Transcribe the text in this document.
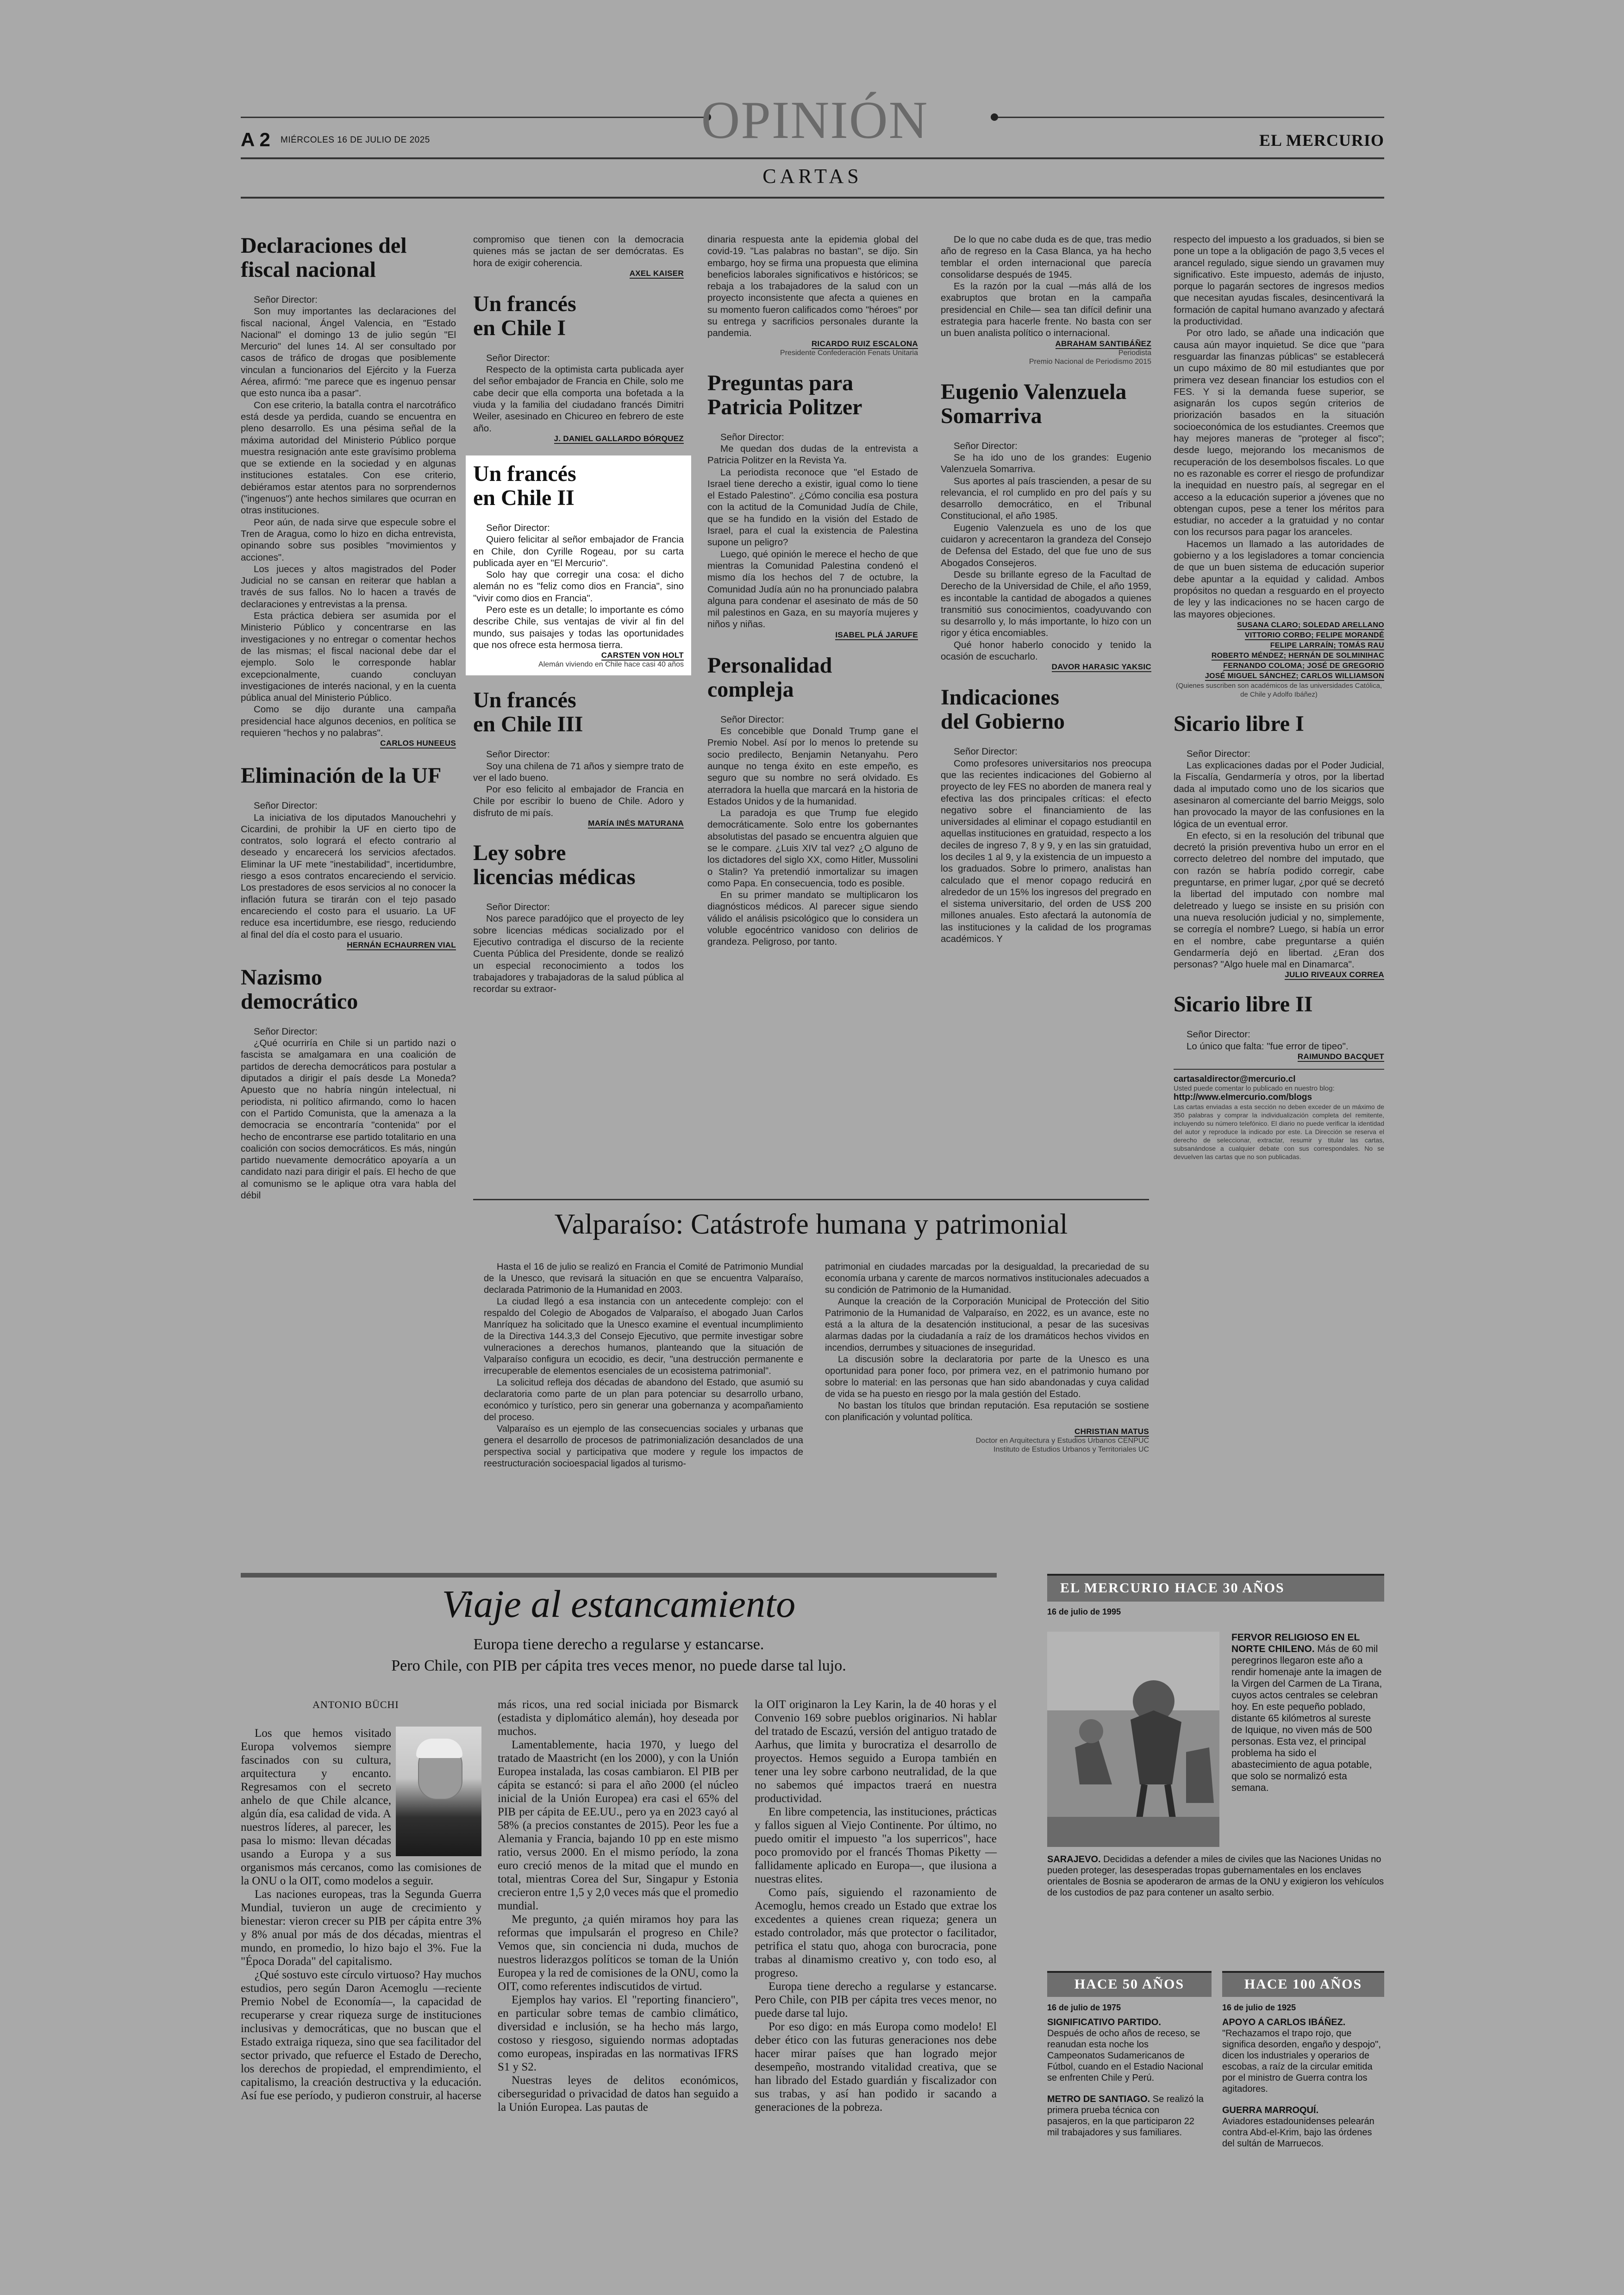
OPINIÓN
A 2 MIÉRCOLES 16 DE JULIO DE 2025	EL MERCURIO
CARTAS
Declaraciones del fiscal nacional

Señor Director:

Son muy importantes las declaraciones del fiscal nacional, Ángel Valencia, en "Estado Nacional" el domingo 13 de julio según "El Mercurio" del lunes 14. Al ser consultado por casos de tráfico de drogas que posiblemente vinculan a funcionarios del Ejército y la Fuerza Aérea, afirmó: "me parece que es ingenuo pensar que esto nunca iba a pasar".

Con ese criterio, la batalla contra el narcotráfico está desde ya perdida, cuando se encuentra en pleno desarrollo. Es una pésima señal de la máxima autoridad del Ministerio Público porque muestra resignación ante este gravísimo problema que se extiende en la sociedad y en algunas instituciones estatales. Con ese criterio, debiéramos estar atentos para no sorprendernos ("ingenuos") ante hechos similares que ocurran en otras instituciones.

Peor aún, de nada sirve que especule sobre el Tren de Aragua, como lo hizo en dicha entrevista, opinando sobre sus posibles "movimientos y acciones".

Los jueces y altos magistrados del Poder Judicial no se cansan en reiterar que hablan a través de sus fallos. No lo hacen a través de declaraciones y entrevistas a la prensa.

Esta práctica debiera ser asumida por el Ministerio Público y concentrarse en las investigaciones y no entregar o comentar hechos de las mismas; el fiscal nacional debe dar el ejemplo. Solo le corresponde hablar excepcionalmente, cuando concluyan investigaciones de interés nacional, y en la cuenta pública anual del Ministerio Público.

Como se dijo durante una campaña presidencial hace algunos decenios, en política se requieren "hechos y no palabras".

CARLOS HUNEEUS
Eliminación de la UF

Señor Director:

La iniciativa de los diputados Manouchehri y Cicardini, de prohibir la UF en cierto tipo de contratos, solo logrará el efecto contrario al deseado y encarecerá los servicios afectados. Eliminar la UF mete "inestabilidad", incertidumbre, riesgo a esos contratos encareciendo el servicio. Los prestadores de esos servicios al no conocer la inflación futura se tirarán con el tejo pasado encareciendo el costo para el usuario. La UF reduce esa incertidumbre, ese riesgo, reduciendo al final del día el costo para el usuario.

HERNÁN ECHAURREN VIAL
Nazismo democrático

Señor Director:

¿Qué ocurriría en Chile si un partido nazi o fascista se amalgamara en una coalición de partidos de derecha democráticos para postular a diputados a dirigir el país desde La Moneda? Apuesto que no habría ningún intelectual, ni periodista, ni político afirmando, como lo hacen con el Partido Comunista, que la amenaza a la democracia se encontraría "contenida" por el hecho de encontrarse ese partido totalitario en una coalición con socios democráticos. Es más, ningún partido nuevamente democrático apoyaría a un candidato nazi para dirigir el país. El hecho de que al comunismo se le aplique otra vara habla del débil

compromiso que tienen con la democracia quienes más se jactan de ser demócratas. Es hora de exigir coherencia.

AXEL KAISER
Un francés en Chile I

Señor Director:

Respecto de la optimista carta publicada ayer del señor embajador de Francia en Chile, solo me cabe decir que ella comporta una bofetada a la viuda y la familia del ciudadano francés Dimitri Weiler, asesinado en Chicureo en febrero de este año.

J. DANIEL GALLARDO BÓRQUEZ
Un francés en Chile II

Señor Director:

Quiero felicitar al señor embajador de Francia en Chile, don Cyrille Rogeau, por su carta publicada ayer en "El Mercurio".

Solo hay que corregir una cosa: el dicho alemán no es "feliz como dios en Francia", sino "vivir como dios en Francia".

Pero este es un detalle; lo importante es cómo describe Chile, sus ventajas de vivir al fin del mundo, sus paisajes y todas las oportunidades que nos ofrece esta hermosa tierra.

CARSTEN VON HOLT
Alemán viviendo en Chile hace casi 40 años
Un francés en Chile III

Señor Director:

Soy una chilena de 71 años y siempre trato de ver el lado bueno.

Por eso felicito al embajador de Francia en Chile por escribir lo bueno de Chile. Adoro y disfruto de mi país.

MARÍA INÉS MATURANA
Ley sobre licencias médicas

Señor Director:

Nos parece paradójico que el proyecto de ley sobre licencias médicas socializado por el Ejecutivo contradiga el discurso de la reciente Cuenta Pública del Presidente, donde se realizó un especial reconocimiento a todos los trabajadores y trabajadoras de la salud pública al recordar su extraor-

dinaria respuesta ante la epidemia global del covid-19. "Las palabras no bastan", se dijo. Sin embargo, hoy se firma una propuesta que elimina beneficios laborales significativos e históricos; se rebaja a los trabajadores de la salud con un proyecto inconsistente que afecta a quienes en su momento fueron calificados como "héroes" por su entrega y sacrificios personales durante la pandemia.

RICARDO RUIZ ESCALONA
Presidente Confederación Fenats Unitaria
Preguntas para Patricia Politzer

Señor Director:

Me quedan dos dudas de la entrevista a Patricia Politzer en la Revista Ya.

La periodista reconoce que "el Estado de Israel tiene derecho a existir, igual como lo tiene el Estado Palestino". ¿Cómo concilia esa postura con la actitud de la Comunidad Judía de Chile, que se ha fundido en la visión del Estado de Israel, para el cual la existencia de Palestina supone un peligro?

Luego, qué opinión le merece el hecho de que mientras la Comunidad Palestina condenó el mismo día los hechos del 7 de octubre, la Comunidad Judía aún no ha pronunciado palabra alguna para condenar el asesinato de más de 50 mil palestinos en Gaza, en su mayoría mujeres y niños y niñas.

ISABEL PLÁ JARUFE
Personalidad compleja

Señor Director:

Es concebible que Donald Trump gane el Premio Nobel. Así por lo menos lo pretende su socio predilecto, Benjamin Netanyahu. Pero aunque no tenga éxito en este empeño, es seguro que su nombre no será olvidado. Es aterradora la huella que marcará en la historia de Estados Unidos y de la humanidad.

La paradoja es que Trump fue elegido democráticamente. Solo entre los gobernantes absolutistas del pasado se encuentra alguien que se le compare. ¿Luis XIV tal vez? ¿O alguno de los dictadores del siglo XX, como Hitler, Mussolini o Stalin? Ya pretendió inmortalizar su imagen como Papa. En consecuencia, todo es posible.

En su primer mandato se multiplicaron los diagnósticos médicos. Al parecer sigue siendo válido el análisis psicológico que lo considera un voluble egocéntrico vanidoso con delirios de grandeza. Peligroso, por tanto.

De lo que no cabe duda es de que, tras medio año de regreso en la Casa Blanca, ya ha hecho temblar el orden internacional que parecía consolidarse después de 1945.

Es la razón por la cual —más allá de los exabruptos que brotan en la campaña presidencial en Chile— sea tan difícil definir una estrategia para hacerle frente. No basta con ser un buen analista político o internacional.

ABRAHAM SANTIBÁÑEZ
Periodista
Premio Nacional de Periodismo 2015
Eugenio Valenzuela Somarriva

Señor Director:

Se ha ido uno de los grandes: Eugenio Valenzuela Somarriva.

Sus aportes al país trascienden, a pesar de su relevancia, el rol cumplido en pro del país y su desarrollo democrático, en el Tribunal Constitucional, el año 1985.

Eugenio Valenzuela es uno de los que cuidaron y acrecentaron la grandeza del Consejo de Defensa del Estado, del que fue uno de sus Abogados Consejeros.

Desde su brillante egreso de la Facultad de Derecho de la Universidad de Chile, el año 1959, es incontable la cantidad de abogados a quienes transmitió sus conocimientos, coadyuvando con su desarrollo y, lo más importante, lo hizo con un rigor y ética encomiables.

Qué honor haberlo conocido y tenido la ocasión de escucharlo.

DAVOR HARASIC YAKSIC
Indicaciones del Gobierno

Señor Director:

Como profesores universitarios nos preocupa que las recientes indicaciones del Gobierno al proyecto de ley FES no aborden de manera real y efectiva las dos principales críticas: el efecto negativo sobre el financiamiento de las universidades al eliminar el copago estudiantil en aquellas instituciones en gratuidad, respecto a los deciles de ingreso 7, 8 y 9, y en las sin gratuidad, los deciles 1 al 9, y la existencia de un impuesto a los graduados. Sobre lo primero, analistas han calculado que el menor copago reducirá en alrededor de un 15% los ingresos del pregrado en el sistema universitario, del orden de US$ 200 millones anuales. Esto afectará la autonomía de las instituciones y la calidad de los programas académicos. Y

respecto del impuesto a los graduados, si bien se pone un tope a la obligación de pago 3,5 veces el arancel regulado, sigue siendo un gravamen muy significativo. Este impuesto, además de injusto, porque lo pagarán sectores de ingresos medios que necesitan ayudas fiscales, desincentivará la formación de capital humano avanzado y afectará la productividad.

Por otro lado, se añade una indicación que causa aún mayor inquietud. Se dice que "para resguardar las finanzas públicas" se establecerá un cupo máximo de 80 mil estudiantes que por primera vez desean financiar los estudios con el FES. Y si la demanda fuese superior, se asignarán los cupos según criterios de priorización basados en la situación socioeconómica de los estudiantes. Creemos que hay mejores maneras de "proteger al fisco"; desde luego, mejorando los mecanismos de recuperación de los desembolsos fiscales. Lo que no es razonable es correr el riesgo de profundizar la inequidad en nuestro país, al segregar en el acceso a la educación superior a jóvenes que no obtengan cupos, pese a tener los méritos para estudiar, no acceder a la gratuidad y no contar con los recursos para pagar los aranceles.

Hacemos un llamado a las autoridades de gobierno y a los legisladores a tomar conciencia de que un buen sistema de educación superior debe apuntar a la equidad y calidad. Ambos propósitos no quedan a resguardo en el proyecto de ley y las indicaciones no se hacen cargo de las mayores objeciones.

SUSANA CLARO; SOLEDAD ARELLANO
VITTORIO CORBO; FELIPE MORANDÉ
FELIPE LARRAÍN; TOMÁS RAU
ROBERTO MÉNDEZ; HERNÁN DE SOLMINIHAC
FERNANDO COLOMA; JOSÉ DE GREGORIO
JOSÉ MIGUEL SÁNCHEZ; CARLOS WILLIAMSON
(Quienes suscriben son académicos de las universidades Católica, de Chile y Adolfo Ibáñez)
Sicario libre I

Señor Director:

Las explicaciones dadas por el Poder Judicial, la Fiscalía, Gendarmería y otros, por la libertad dada al imputado como uno de los sicarios que asesinaron al comerciante del barrio Meiggs, solo han provocado la mayor de las confusiones en la lógica de un eventual error.

En efecto, si en la resolución del tribunal que decretó la prisión preventiva hubo un error en el correcto deletreo del nombre del imputado, que con razón se habría podido corregir, cabe preguntarse, en primer lugar, ¿por qué se decretó la libertad del imputado con nombre mal deletreado y luego se insiste en su prisión con una nueva resolución judicial y no, simplemente, se corregía el nombre? Luego, si había un error en el nombre, cabe preguntarse a quién Gendarmería dejó en libertad. ¿Eran dos personas? "Algo huele mal en Dinamarca".

JULIO RIVEAUX CORREA
Sicario libre II

Señor Director:

Lo único que falta: "fue error de tipeo".

RAIMUNDO BACQUET
cartasaldirector@mercurio.cl
Usted puede comentar lo publicado en nuestro blog:
http://www.elmercurio.com/blogs
Las cartas enviadas a esta sección no deben exceder de un máximo de 350 palabras y comprar la individualización completa del remitente, incluyendo su número telefónico. El diario no puede verificar la identidad del autor y reproduce la indicado por este. La Dirección se reserva el derecho de seleccionar, extractar, resumir y titular las cartas, subsanándose a cualquier debate con sus correspondales. No se devuelven las cartas que no son publicadas.
Valparaíso: Catástrofe humana y patrimonial

Hasta el 16 de julio se realizó en Francia el Comité de Patrimonio Mundial de la Unesco, que revisará la situación en que se encuentra Valparaíso, declarada Patrimonio de la Humanidad en 2003.

La ciudad llegó a esa instancia con un antecedente complejo: con el respaldo del Colegio de Abogados de Valparaíso, el abogado Juan Carlos Manríquez ha solicitado que la Unesco examine el eventual incumplimiento de la Directiva 144.3,3 del Consejo Ejecutivo, que permite investigar sobre vulneraciones a derechos humanos, planteando que la situación de Valparaíso configura un ecocidio, es decir, "una destrucción permanente e irrecuperable de elementos esenciales de un ecosistema patrimonial".

La solicitud refleja dos décadas de abandono del Estado, que asumió su declaratoria como parte de un plan para potenciar su desarrollo urbano, económico y turístico, pero sin generar una gobernanza y acompañamiento del proceso.

Valparaíso es un ejemplo de las consecuencias sociales y urbanas que genera el desarrollo de procesos de patrimonialización desanclados de una perspectiva social y participativa que modere y regule los impactos de reestructuración socioespacial ligados al turismo-

patrimonial en ciudades marcadas por la desigualdad, la precariedad de su economía urbana y carente de marcos normativos institucionales adecuados a su condición de Patrimonio de la Humanidad.

Aunque la creación de la Corporación Municipal de Protección del Sitio Patrimonio de la Humanidad de Valparaíso, en 2022, es un avance, este no está a la altura de la desatención institucional, a pesar de las sucesivas alarmas dadas por la ciudadanía a raíz de los dramáticos hechos vividos en incendios, derrumbes y situaciones de inseguridad.

La discusión sobre la declaratoria por parte de la Unesco es una oportunidad para poner foco, por primera vez, en el patrimonio humano por sobre lo material: en las personas que han sido abandonadas y cuya calidad de vida se ha puesto en riesgo por la mala gestión del Estado.

No bastan los títulos que brindan reputación. Esa reputación se sostiene con planificación y voluntad política.

CHRISTIAN MATUS
Doctor en Arquitectura y Estudios Urbanos CENPUC
Instituto de Estudios Urbanos y Territoriales UC
Viaje al estancamiento
Europa tiene derecho a regularse y estancarse.
Pero Chile, con PIB per cápita tres veces menor, no puede darse tal lujo.
ANTONIO BÜCHI

Los que hemos visitado Europa volvemos siempre fascinados con su cultura, arquitectura y encanto. Regresamos con el secreto anhelo de que Chile alcance, algún día, esa calidad de vida. A nuestros líderes, al parecer, les pasa lo mismo: llevan décadas usando a Europa y a sus organismos más cercanos, como las comisiones de la ONU o la OIT, como modelos a seguir.

Las naciones europeas, tras la Segunda Guerra Mundial, tuvieron un auge de crecimiento y bienestar: vieron crecer su PIB per cápita entre 3% y 8% anual por más de dos décadas, mientras el mundo, en promedio, lo hizo bajo el 3%. Fue la "Época Dorada" del capitalismo.

¿Qué sostuvo este círculo virtuoso? Hay muchos estudios, pero según Daron Acemoglu —reciente Premio Nobel de Economía—, la capacidad de recuperarse y crear riqueza surge de instituciones inclusivas y democráticas, que no buscan que el Estado extraiga riqueza, sino que sea facilitador del sector privado, que refuerce el Estado de Derecho, los derechos de propiedad, el emprendimiento, el capitalismo, la creación destructiva y la educación. Así fue ese período, y pudieron construir, al hacerse

más ricos, una red social iniciada por Bismarck (estadista y diplomático alemán), hoy deseada por muchos.

Lamentablemente, hacia 1970, y luego del tratado de Maastricht (en los 2000), y con la Unión Europea instalada, las cosas cambiaron. El PIB per cápita se estancó: si para el año 2000 (el núcleo inicial de la Unión Europea) era casi el 65% del PIB per cápita de EE.UU., pero ya en 2023 cayó al 58% (a precios constantes de 2015). Peor les fue a Alemania y Francia, bajando 10 pp en este mismo ratio, versus 2000. En el mismo período, la zona euro creció menos de la mitad que el mundo en total, mientras Corea del Sur, Singapur y Estonia crecieron entre 1,5 y 2,0 veces más que el promedio mundial.

Me pregunto, ¿a quién miramos hoy para las reformas que impulsarán el progreso en Chile? Vemos que, sin conciencia ni duda, muchos de nuestros liderazgos políticos se toman de la Unión Europea y la red de comisiones de la ONU, como la OIT, como referentes indiscutidos de virtud.

Ejemplos hay varios. El "reporting financiero", en particular sobre temas de cambio climático, diversidad e inclusión, se ha hecho más largo, costoso y riesgoso, siguiendo normas adoptadas como europeas, inspiradas en las normativas IFRS S1 y S2.

Nuestras leyes de delitos económicos, ciberseguridad o privacidad de datos han seguido a la Unión Europea. Las pautas de

la OIT originaron la Ley Karin, la de 40 horas y el Convenio 169 sobre pueblos originarios. Ni hablar del tratado de Escazú, versión del antiguo tratado de Aarhus, que limita y burocratiza el desarrollo de proyectos. Hemos seguido a Europa también en tener una ley sobre carbono neutralidad, de la que no sabemos qué impactos traerá en nuestra productividad.

En libre competencia, las instituciones, prácticas y fallos siguen al Viejo Continente. Por último, no puedo omitir el impuesto "a los superricos", hace poco promovido por el francés Thomas Piketty —fallidamente aplicado en Europa—, que ilusiona a nuestras elites.

Como país, siguiendo el razonamiento de Acemoglu, hemos creado un Estado que extrae los excedentes a quienes crean riqueza; genera un estado controlador, más que protector o facilitador, petrifica el statu quo, ahoga con burocracia, pone trabas al dinamismo creativo y, con todo eso, al progreso.

Europa tiene derecho a regularse y estancarse. Pero Chile, con PIB per cápita tres veces menor, no puede darse tal lujo.

Por eso digo: en más Europa como modelo! El deber ético con las futuras generaciones nos debe hacer mirar países que han logrado mejor desempeño, mostrando vitalidad creativa, que se han librado del Estado guardián y fiscalizador con sus trabas, y así han podido ir sacando a generaciones de la pobreza.

EL MERCURIO HACE 30 AÑOS
16 de julio de 1995
FERVOR RELIGIOSO EN EL NORTE CHILENO. Más de 60 mil peregrinos llegaron este año a rendir homenaje ante la imagen de la Virgen del Carmen de La Tirana, cuyos actos centrales se celebran hoy. En este pequeño poblado, distante 65 kilómetros al sureste de Iquique, no viven más de 500 personas. Esta vez, el principal problema ha sido el abastecimiento de agua potable, que solo se normalizó esta semana.
SARAJEVO. Decididas a defender a miles de civiles que las Naciones Unidas no pueden proteger, las desesperadas tropas gubernamentales en los enclaves orientales de Bosnia se apoderaron de armas de la ONU y exigieron los vehículos de los custodios de paz para contener un asalto serbio.
HACE 50 AÑOS
16 de julio de 1975
SIGNIFICATIVO PARTIDO.
Después de ocho años de receso, se reanudan esta noche los Campeonatos Sudamericanos de Fútbol, cuando en el Estadio Nacional se enfrenten Chile y Perú.
METRO DE SANTIAGO. Se realizó la primera prueba técnica con pasajeros, en la que participaron 22 mil trabajadores y sus familiares.
HACE 100 AÑOS
16 de julio de 1925
APOYO A CARLOS IBÁÑEZ.
"Rechazamos el trapo rojo, que significa desorden, engaño y despojo", dicen los industriales y operarios de escobas, a raíz de la circular emitida por el ministro de Guerra contra los agitadores.
GUERRA MARROQUÍ.
Aviadores estadounidenses pelearán contra Abd-el-Krim, bajo las órdenes del sultán de Marruecos.
